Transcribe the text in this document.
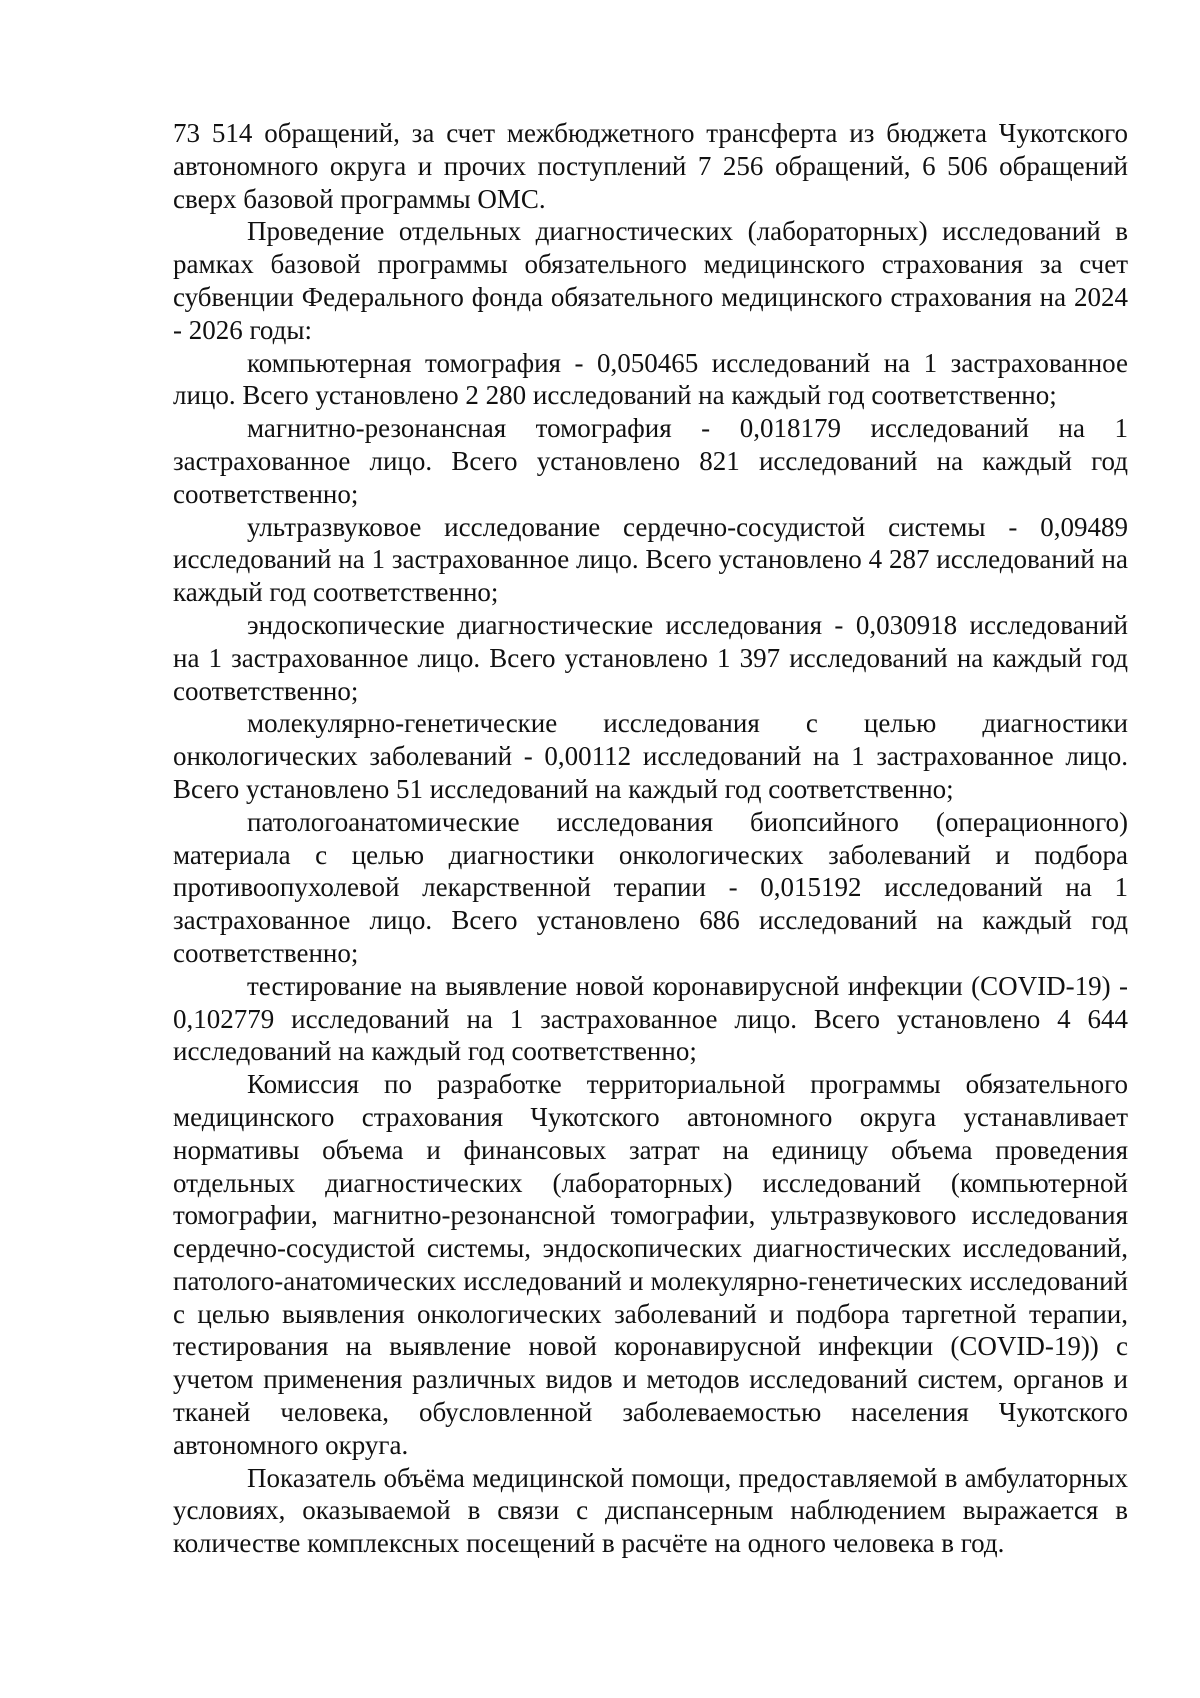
73 514 обращений, за счет межбюджетного трансферта из бюджета Чукотского автономного округа и прочих поступлений 7 256 обращений, 6 506 обращений сверх базовой программы ОМС.

Проведение отдельных диагностических (лабораторных) исследований в рамках базовой программы обязательного медицинского страхования за счет субвенции Федерального фонда обязательного медицинского страхования на 2024 - 2026 годы:

компьютерная томография - 0,050465 исследований на 1 застрахованное лицо. Всего установлено 2 280 исследований на каждый год соответственно;

магнитно-резонансная томография - 0,018179 исследований на 1 застрахованное лицо. Всего установлено 821 исследований на каждый год соответственно;

ультразвуковое исследование сердечно-сосудистой системы - 0,09489 исследований на 1 застрахованное лицо. Всего установлено 4 287 исследований на каждый год соответственно;

эндоскопические диагностические исследования - 0,030918 исследований на 1 застрахованное лицо. Всего установлено 1 397 исследований на каждый год соответственно;

молекулярно-генетические исследования с целью диагностики онкологических заболеваний - 0,00112 исследований на 1 застрахованное лицо. Всего установлено 51 исследований на каждый год соответственно;

патологоанатомические исследования биопсийного (операционного) материала с целью диагностики онкологических заболеваний и подбора противоопухолевой лекарственной терапии - 0,015192 исследований на 1 застрахованное лицо. Всего установлено 686 исследований на каждый год соответственно;

тестирование на выявление новой коронавирусной инфекции (COVID-19) - 0,102779 исследований на 1 застрахованное лицо. Всего установлено 4 644 исследований на каждый год соответственно;

Комиссия по разработке территориальной программы обязательного медицинского страхования Чукотского автономного округа устанавливает нормативы объема и финансовых затрат на единицу объема проведения отдельных диагностических (лабораторных) исследований (компьютерной томографии, магнитно-резонансной томографии, ультразвукового исследования сердечно-сосудистой системы, эндоскопических диагностических исследований, патолого-анатомических исследований и молекулярно-генетических исследований с целью выявления онкологических заболеваний и подбора таргетной терапии, тестирования на выявление новой коронавирусной инфекции (COVID-19)) с учетом применения различных видов и методов исследований систем, органов и тканей человека, обусловленной заболеваемостью населения Чукотского автономного округа.

Показатель объёма медицинской помощи, предоставляемой в амбулаторных условиях, оказываемой в связи с диспансерным наблюдением выражается в количестве комплексных посещений в расчёте на одного человека в год.
